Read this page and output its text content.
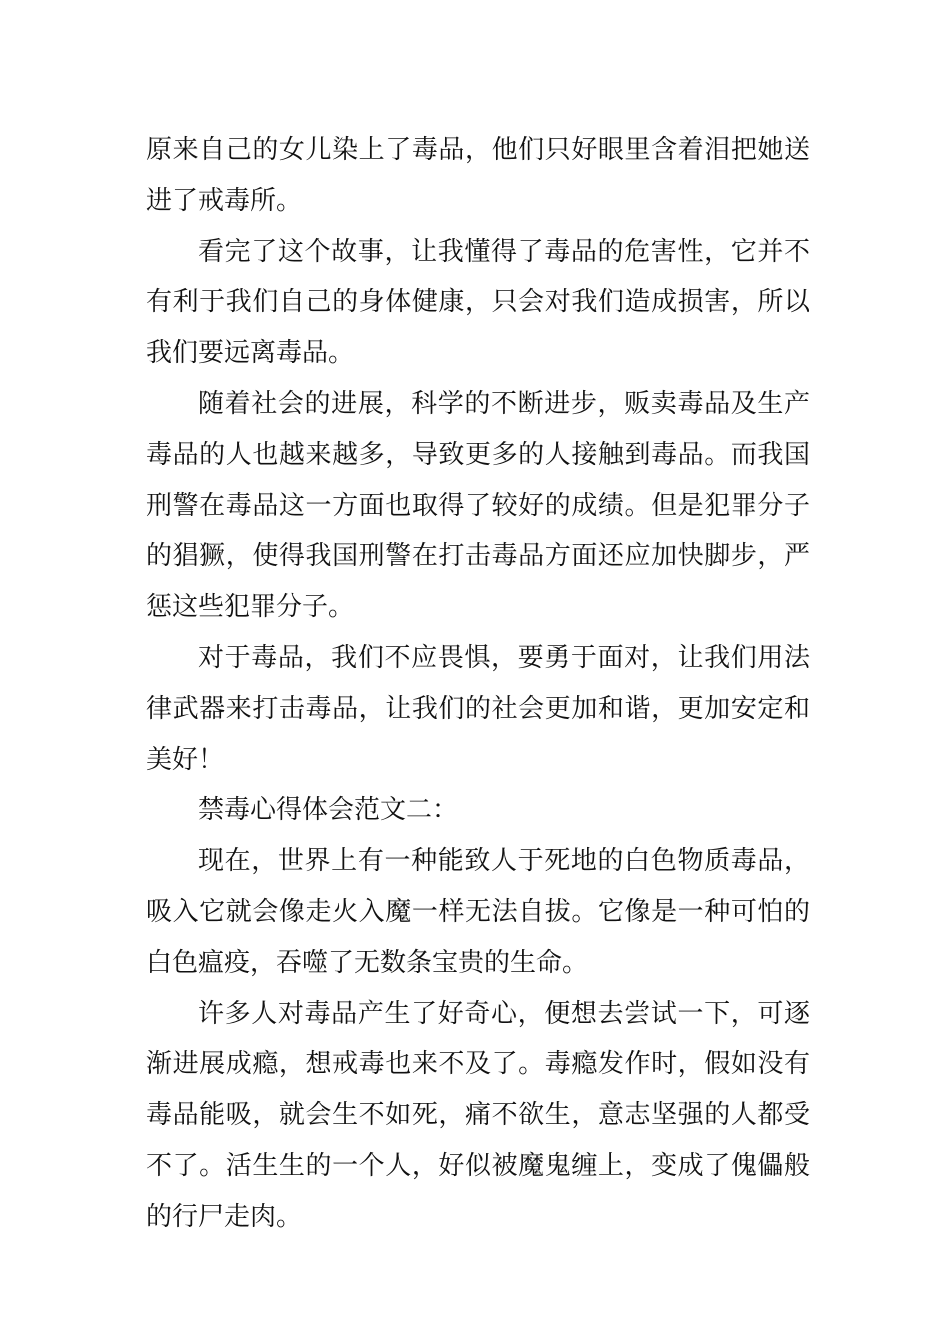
原来自己的女儿染上了毒品，他们只好眼里含着泪把她送
进了戒毒所。
看完了这个故事，让我懂得了毒品的危害性，它并不
有利于我们自己的身体健康，只会对我们造成损害，所以
我们要远离毒品。
随着社会的进展，科学的不断进步，贩卖毒品及生产
毒品的人也越来越多，导致更多的人接触到毒品。而我国
刑警在毒品这一方面也取得了较好的成绩。但是犯罪分子
的猖獗，使得我国刑警在打击毒品方面还应加快脚步，严
惩这些犯罪分子。
对于毒品，我们不应畏惧，要勇于面对，让我们用法
律武器来打击毒品，让我们的社会更加和谐，更加安定和
美好！
禁毒心得体会范文二：
现在，世界上有一种能致人于死地的白色物质毒品，
吸入它就会像走火入魔一样无法自拔。它像是一种可怕的
白色瘟疫，吞噬了无数条宝贵的生命。
许多人对毒品产生了好奇心，便想去尝试一下，可逐
渐进展成瘾，想戒毒也来不及了。毒瘾发作时，假如没有
毒品能吸，就会生不如死，痛不欲生，意志坚强的人都受
不了。活生生的一个人，好似被魔鬼缠上，变成了傀儡般
的行尸走肉。
